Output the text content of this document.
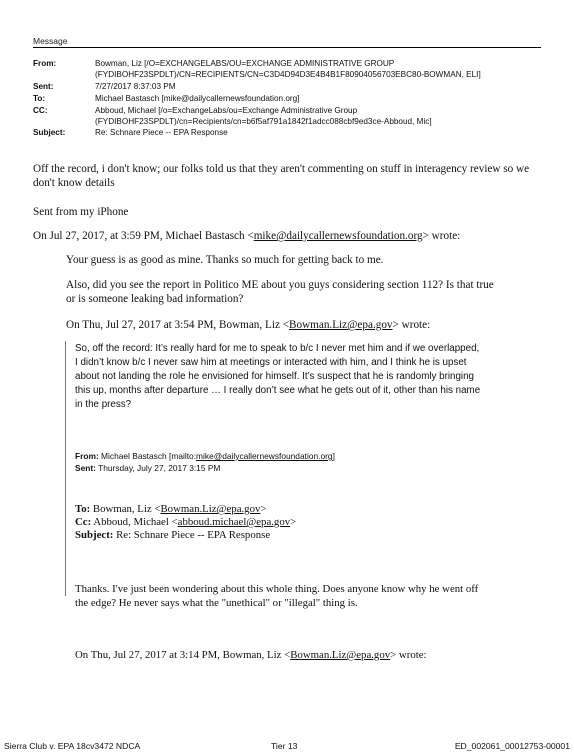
Message
From:	Bowman, Liz [/O=EXCHANGELABS/OU=EXCHANGE ADMINISTRATIVE GROUP
(FYDIBOHF23SPDLT)/CN=RECIPIENTS/CN=C3D4D94D3E4B4B1F80904056703EBC80-BOWMAN, ELI]
Sent:	7/27/2017 8:37:03 PM
To:	Michael Bastasch [mike@dailycallernewsfoundation.org]
CC:	Abboud, Michael [/o=ExchangeLabs/ou=Exchange Administrative Group
(FYDIBOHF23SPDLT)/cn=Recipients/cn=b6f5af791a1842f1adcc088cbf9ed3ce-Abboud, Mic]
Subject:	Re: Schnare Piece -- EPA Response
Off the record, i don't know; our folks told us that they aren't commenting on stuff in interagency review so we
don't know details
Sent from my iPhone
On Jul 27, 2017, at 3:59 PM, Michael Bastasch <mike@dailycallernewsfoundation.org> wrote:
Your guess is as good as mine. Thanks so much for getting back to me.
Also, did you see the report in Politico ME about you guys considering section 112? Is that true
or is someone leaking bad information?
On Thu, Jul 27, 2017 at 3:54 PM, Bowman, Liz <Bowman.Liz@epa.gov> wrote:
So, off the record: It’s really hard for me to speak to b/c I never met him and if we overlapped,
I didn’t know b/c I never saw him at meetings or interacted with him, and I think he is upset
about not landing the role he envisioned for himself. It’s suspect that he is randomly bringing
this up, months after departure … I really don’t see what he gets out of it, other than his name
in the press?
From: Michael Bastasch [mailto:mike@dailycallernewsfoundation.org]
Sent: Thursday, July 27, 2017 3:15 PM
To: Bowman, Liz <Bowman.Liz@epa.gov>
Cc: Abboud, Michael <abboud.michael@epa.gov>
Subject: Re: Schnare Piece -- EPA Response
Thanks. I've just been wondering about this whole thing. Does anyone know why he went off
the edge? He never says what the "unethical" or "illegal" thing is.
On Thu, Jul 27, 2017 at 3:14 PM, Bowman, Liz <Bowman.Liz@epa.gov> wrote:
Sierra Club v. EPA 18cv3472 NDCA	Tier 13	ED_002061_00012753-00001
